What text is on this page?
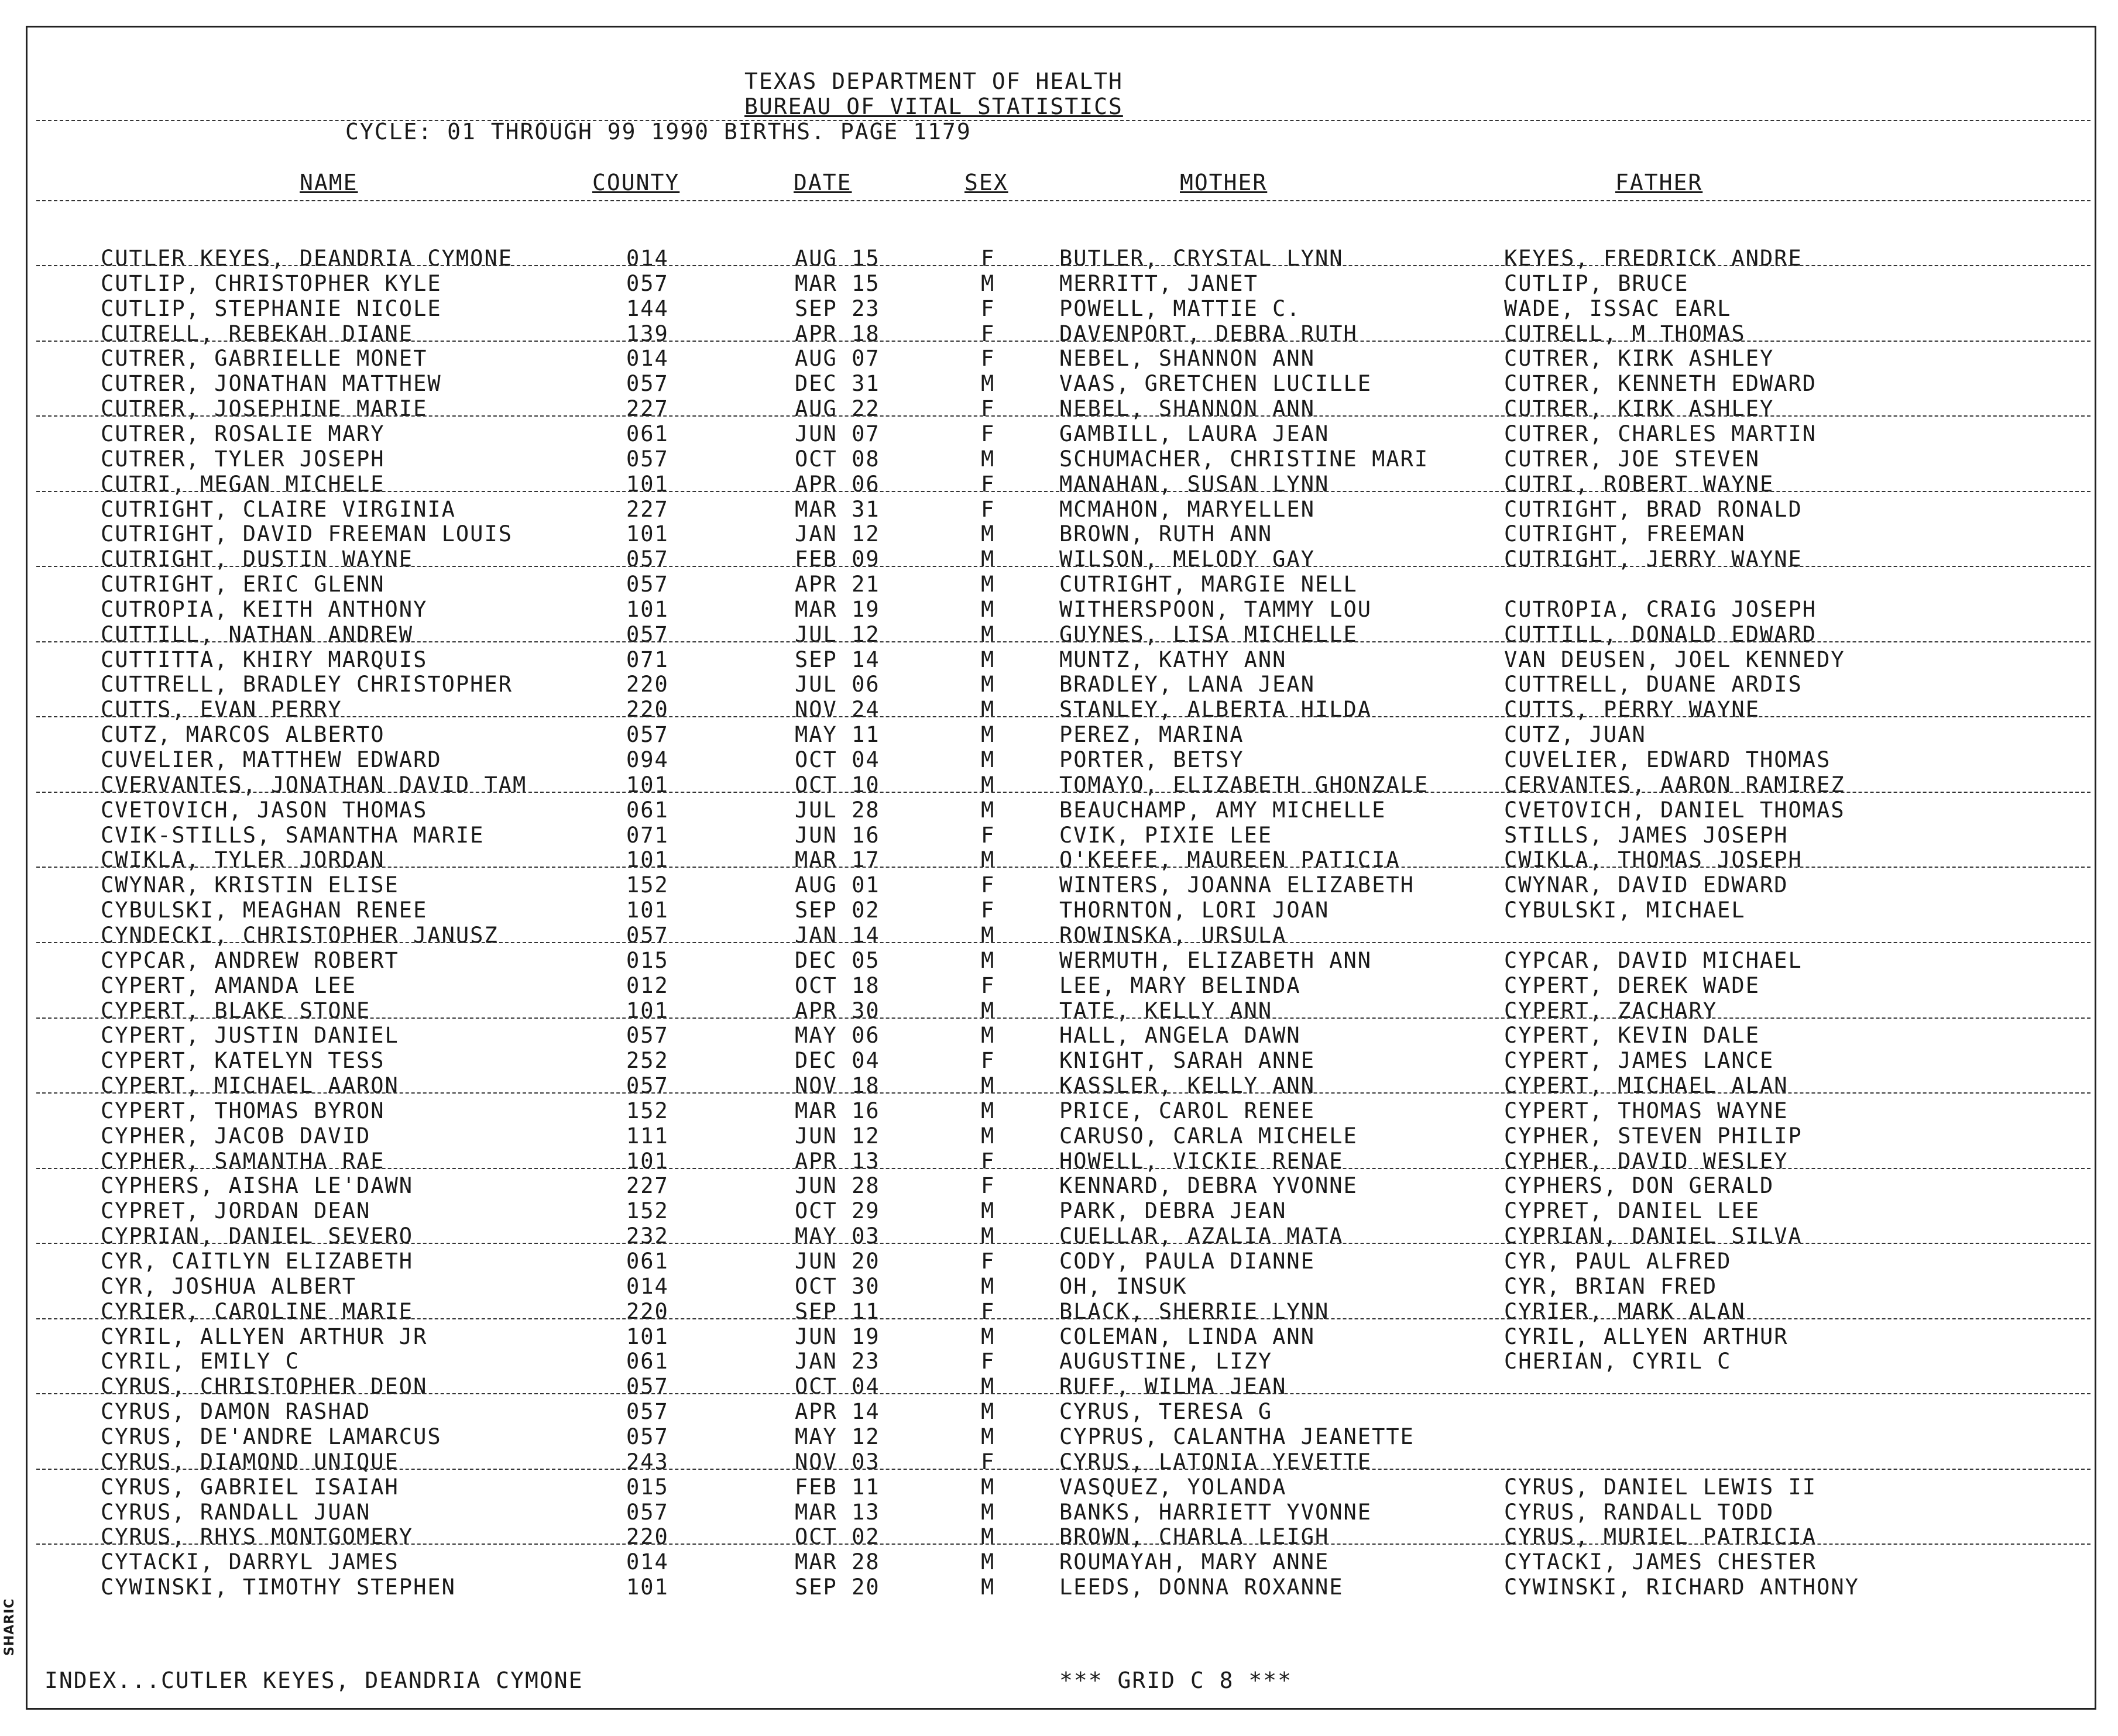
SHARIC
TEXAS DEPARTMENT OF HEALTH
BUREAU OF VITAL STATISTICS
CYCLE: 01 THROUGH 99 1990 BIRTHS. PAGE 1179
NAME	COUNTY	DATE	SEX	MOTHER	FATHER
CUTLER KEYES, DEANDRIA CYMONE	014	AUG 15	F	BUTLER, CRYSTAL LYNN	KEYES, FREDRICK ANDRE
CUTLIP, CHRISTOPHER KYLE	057	MAR 15	M	MERRITT, JANET	CUTLIP, BRUCE
CUTLIP, STEPHANIE NICOLE	144	SEP 23	F	POWELL, MATTIE C.	WADE, ISSAC EARL
CUTRELL, REBEKAH DIANE	139	APR 18	F	DAVENPORT, DEBRA RUTH	CUTRELL, M THOMAS
CUTRER, GABRIELLE MONET	014	AUG 07	F	NEBEL, SHANNON ANN	CUTRER, KIRK ASHLEY
CUTRER, JONATHAN MATTHEW	057	DEC 31	M	VAAS, GRETCHEN LUCILLE	CUTRER, KENNETH EDWARD
CUTRER, JOSEPHINE MARIE	227	AUG 22	F	NEBEL, SHANNON ANN	CUTRER, KIRK ASHLEY
CUTRER, ROSALIE MARY	061	JUN 07	F	GAMBILL, LAURA JEAN	CUTRER, CHARLES MARTIN
CUTRER, TYLER JOSEPH	057	OCT 08	M	SCHUMACHER, CHRISTINE MARI	CUTRER, JOE STEVEN
CUTRI, MEGAN MICHELE	101	APR 06	F	MANAHAN, SUSAN LYNN	CUTRI, ROBERT WAYNE
CUTRIGHT, CLAIRE VIRGINIA	227	MAR 31	F	MCMAHON, MARYELLEN	CUTRIGHT, BRAD RONALD
CUTRIGHT, DAVID FREEMAN LOUIS	101	JAN 12	M	BROWN, RUTH ANN	CUTRIGHT, FREEMAN
CUTRIGHT, DUSTIN WAYNE	057	FEB 09	M	WILSON, MELODY GAY	CUTRIGHT, JERRY WAYNE
CUTRIGHT, ERIC GLENN	057	APR 21	M	CUTRIGHT, MARGIE NELL
CUTROPIA, KEITH ANTHONY	101	MAR 19	M	WITHERSPOON, TAMMY LOU	CUTROPIA, CRAIG JOSEPH
CUTTILL, NATHAN ANDREW	057	JUL 12	M	GUYNES, LISA MICHELLE	CUTTILL, DONALD EDWARD
CUTTITTA, KHIRY MARQUIS	071	SEP 14	M	MUNTZ, KATHY ANN	VAN DEUSEN, JOEL KENNEDY
CUTTRELL, BRADLEY CHRISTOPHER	220	JUL 06	M	BRADLEY, LANA JEAN	CUTTRELL, DUANE ARDIS
CUTTS, EVAN PERRY	220	NOV 24	M	STANLEY, ALBERTA HILDA	CUTTS, PERRY WAYNE
CUTZ, MARCOS ALBERTO	057	MAY 11	M	PEREZ, MARINA	CUTZ, JUAN
CUVELIER, MATTHEW EDWARD	094	OCT 04	M	PORTER, BETSY	CUVELIER, EDWARD THOMAS
CVERVANTES, JONATHAN DAVID TAM	101	OCT 10	M	TOMAYO, ELIZABETH GHONZALE	CERVANTES, AARON RAMIREZ
CVETOVICH, JASON THOMAS	061	JUL 28	M	BEAUCHAMP, AMY MICHELLE	CVETOVICH, DANIEL THOMAS
CVIK-STILLS, SAMANTHA MARIE	071	JUN 16	F	CVIK, PIXIE LEE	STILLS, JAMES JOSEPH
CWIKLA, TYLER JORDAN	101	MAR 17	M	O'KEEFE, MAUREEN PATICIA	CWIKLA, THOMAS JOSEPH
CWYNAR, KRISTIN ELISE	152	AUG 01	F	WINTERS, JOANNA ELIZABETH	CWYNAR, DAVID EDWARD
CYBULSKI, MEAGHAN RENEE	101	SEP 02	F	THORNTON, LORI JOAN	CYBULSKI, MICHAEL
CYNDECKI, CHRISTOPHER JANUSZ	057	JAN 14	M	ROWINSKA, URSULA
CYPCAR, ANDREW ROBERT	015	DEC 05	M	WERMUTH, ELIZABETH ANN	CYPCAR, DAVID MICHAEL
CYPERT, AMANDA LEE	012	OCT 18	F	LEE, MARY BELINDA	CYPERT, DEREK WADE
CYPERT, BLAKE STONE	101	APR 30	M	TATE, KELLY ANN	CYPERT, ZACHARY
CYPERT, JUSTIN DANIEL	057	MAY 06	M	HALL, ANGELA DAWN	CYPERT, KEVIN DALE
CYPERT, KATELYN TESS	252	DEC 04	F	KNIGHT, SARAH ANNE	CYPERT, JAMES LANCE
CYPERT, MICHAEL AARON	057	NOV 18	M	KASSLER, KELLY ANN	CYPERT, MICHAEL ALAN
CYPERT, THOMAS BYRON	152	MAR 16	M	PRICE, CAROL RENEE	CYPERT, THOMAS WAYNE
CYPHER, JACOB DAVID	111	JUN 12	M	CARUSO, CARLA MICHELE	CYPHER, STEVEN PHILIP
CYPHER, SAMANTHA RAE	101	APR 13	F	HOWELL, VICKIE RENAE	CYPHER, DAVID WESLEY
CYPHERS, AISHA LE'DAWN	227	JUN 28	F	KENNARD, DEBRA YVONNE	CYPHERS, DON GERALD
CYPRET, JORDAN DEAN	152	OCT 29	M	PARK, DEBRA JEAN	CYPRET, DANIEL LEE
CYPRIAN, DANIEL SEVERO	232	MAY 03	M	CUELLAR, AZALIA MATA	CYPRIAN, DANIEL SILVA
CYR, CAITLYN ELIZABETH	061	JUN 20	F	CODY, PAULA DIANNE	CYR, PAUL ALFRED
CYR, JOSHUA ALBERT	014	OCT 30	M	OH, INSUK	CYR, BRIAN FRED
CYRIER, CAROLINE MARIE	220	SEP 11	F	BLACK, SHERRIE LYNN	CYRIER, MARK ALAN
CYRIL, ALLYEN ARTHUR JR	101	JUN 19	M	COLEMAN, LINDA ANN	CYRIL, ALLYEN ARTHUR
CYRIL, EMILY C	061	JAN 23	F	AUGUSTINE, LIZY	CHERIAN, CYRIL C
CYRUS, CHRISTOPHER DEON	057	OCT 04	M	RUFF, WILMA JEAN
CYRUS, DAMON RASHAD	057	APR 14	M	CYRUS, TERESA G
CYRUS, DE'ANDRE LAMARCUS	057	MAY 12	M	CYPRUS, CALANTHA JEANETTE
CYRUS, DIAMOND UNIQUE	243	NOV 03	F	CYRUS, LATONIA YEVETTE
CYRUS, GABRIEL ISAIAH	015	FEB 11	M	VASQUEZ, YOLANDA	CYRUS, DANIEL LEWIS II
CYRUS, RANDALL JUAN	057	MAR 13	M	BANKS, HARRIETT YVONNE	CYRUS, RANDALL TODD
CYRUS, RHYS MONTGOMERY	220	OCT 02	M	BROWN, CHARLA LEIGH	CYRUS, MURIEL PATRICIA
CYTACKI, DARRYL JAMES	014	MAR 28	M	ROUMAYAH, MARY ANNE	CYTACKI, JAMES CHESTER
CYWINSKI, TIMOTHY STEPHEN	101	SEP 20	M	LEEDS, DONNA ROXANNE	CYWINSKI, RICHARD ANTHONY
INDEX...CUTLER KEYES, DEANDRIA CYMONE	*** GRID C 8 ***
